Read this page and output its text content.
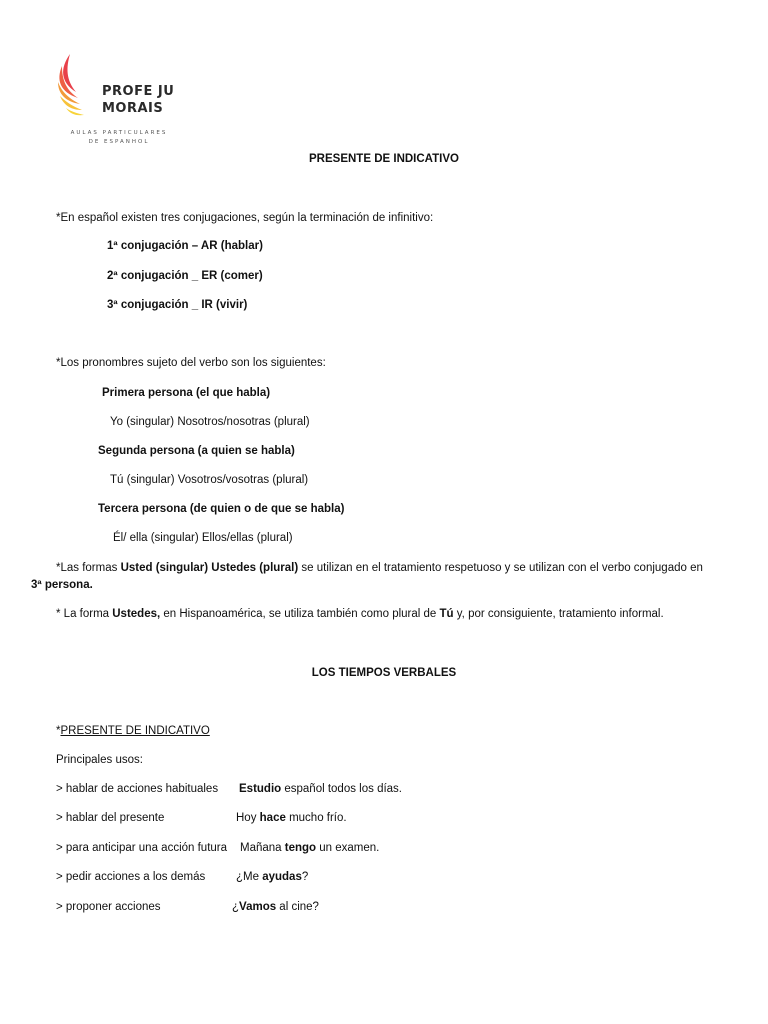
PROFE JU
MORAIS
AULAS PARTICULARES
DE ESPANHOL
PRESENTE DE INDICATIVO
*En español existen tres conjugaciones, según la terminación de infinitivo:
1ª conjugación – AR (hablar)
2ª conjugación _ ER (comer)
3ª conjugación _ IR (vivir)
*Los pronombres sujeto del verbo son los siguientes:
Primera persona (el que habla)
Yo (singular) Nosotros/nosotras (plural)
Segunda persona (a quien se habla)
Tú (singular) Vosotros/vosotras (plural)
Tercera persona (de quien o de que se habla)
Él/ ella (singular) Ellos/ellas (plural)
*Las formas Usted (singular) Ustedes (plural) se utilizan en el tratamiento respetuoso y se utilizan con el verbo conjugado en
3ª persona.
* La forma Ustedes, en Hispanoamérica, se utiliza también como plural de Tú y, por consiguiente, tratamiento informal.
LOS TIEMPOS VERBALES
*PRESENTE DE INDICATIVO
Principales usos:
> hablar de acciones habituales Estudio español todos los días.
> hablar del presente	Hoy hace mucho frío.
> para anticipar una acción futura Mañana tengo un examen.
> pedir acciones a los demás	¿Me ayudas?
> proponer acciones	¿Vamos al cine?
